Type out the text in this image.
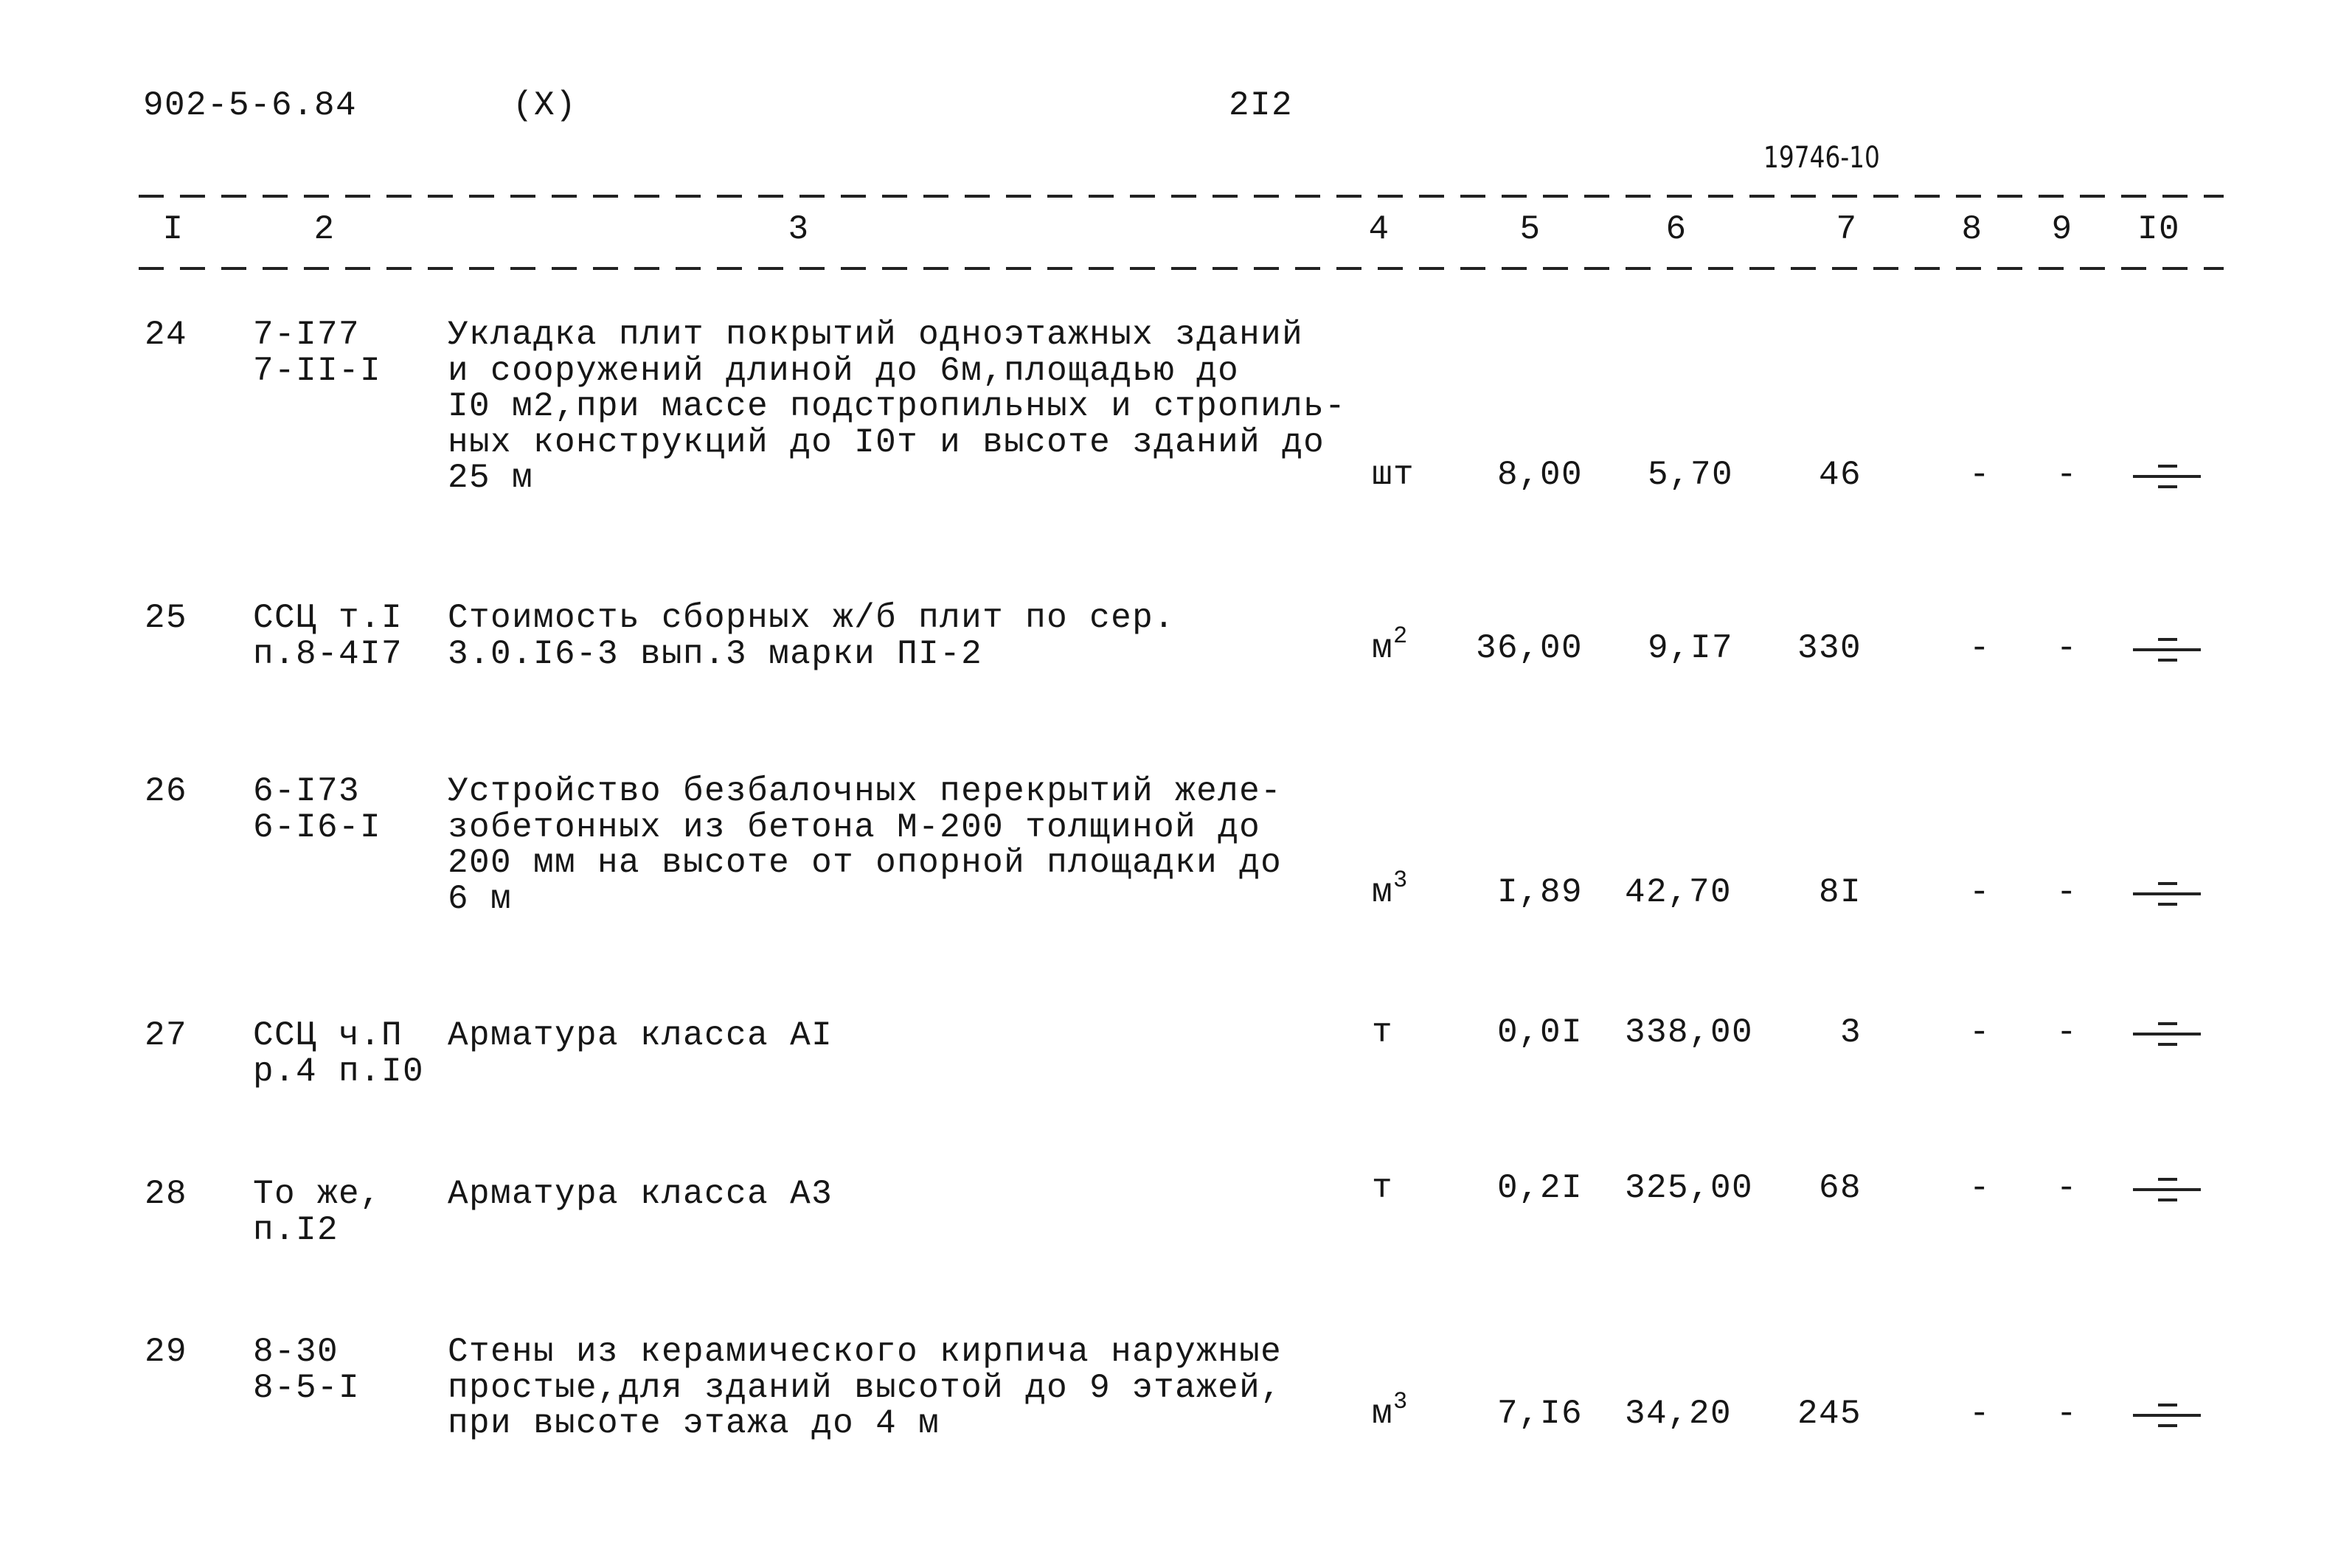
902-5-6.84	(X)	2I2
19746-10
I	2	3	4	5	6	7	8	9	I0
24 7-I77
7-II-I
Укладка плит покрытий одноэтажных зданий
и сооружений длиной до 6м,площадью до
I0 м2,при массе подстропильных и стропиль-
ных конструкций до I0т и высоте зданий до
25 м	шт 8,00 5,70	46	- -
25 ССЦ т.I
п.8-4I7
Стоимость сборных ж/б плит по сер.
3.0.I6-3 вып.3 марки ПI-2	$м^2$ 36,00 9,I7 330	- -
26 6-I73
6-I6-I
Устройство безбалочных перекрытий желе-
зобетонных из бетона М-200 толщиной до
200 мм на высоте от опорной площадки до
6 м	$м^3$	I,89 42,70	8I	- -
27 ССЦ ч.П
р.4 п.I0
Арматура класса АI	т	0,0I 338,00	3	- -
28 То же,
п.I2
Арматура класса А3	т	0,2I 325,00 68	- -
29 8-30
8-5-I
Стены из керамического кирпича наружные
простые,для зданий высотой до 9 этажей,
при высоте этажа до 4 м	$м^3$	7,I6 34,20 245	- -
